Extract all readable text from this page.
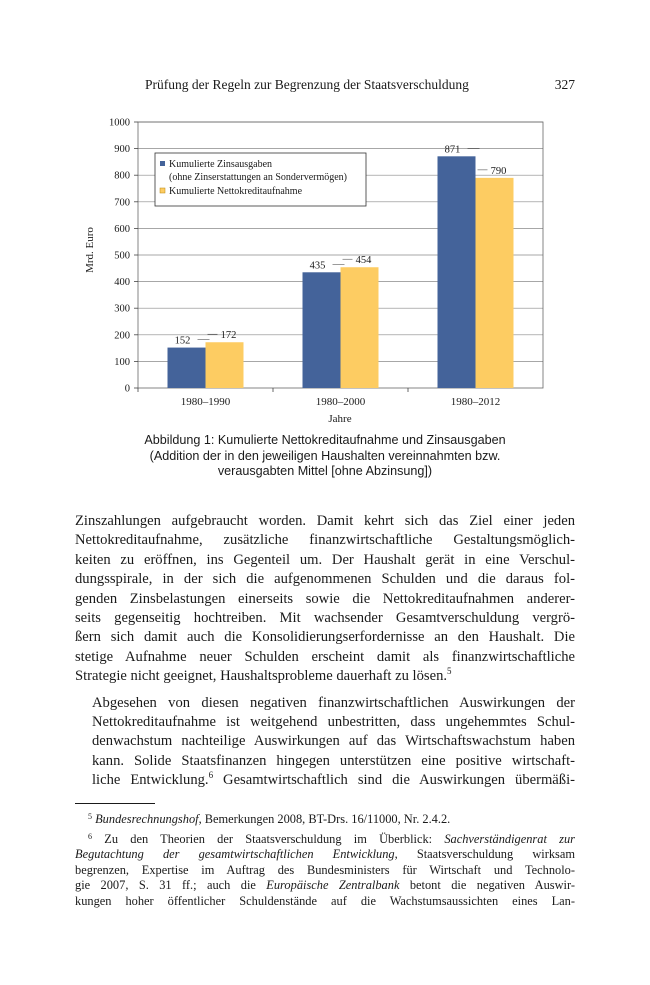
Prüfung der Regeln zur Begrenzung der Staatsverschuldung	327
0
100
200
300
400
500
600
700
800
900
1000
1980–1990	1980–2000	1980–2012
152	172
435	454
871
790
Mrd. Euro
Jahre
Kumulierte Zinsausgaben
(ohne Zinserstattungen an Sondervermögen)
Kumulierte Nettokreditaufnahme
Abbildung 1: Kumulierte Nettokreditaufnahme und Zinsausgaben
(Addition der in den jeweiligen Haushalten vereinnahmten bzw.
verausgabten Mittel [ohne Abzinsung])

Zinszahlungen aufgebraucht worden. Damit kehrt sich das Ziel einer jeden
Nettokreditaufnahme, zusätzliche finanzwirtschaftliche Gestaltungsmöglich-
keiten zu eröffnen, ins Gegenteil um. Der Haushalt gerät in eine Verschul-
dungsspirale, in der sich die aufgenommenen Schulden und die daraus fol-
genden Zinsbelastungen einerseits sowie die Nettokreditaufnahmen anderer-
seits gegenseitig hochtreiben. Mit wachsender Gesamtverschuldung vergrö-
ßern sich damit auch die Konsolidierungserfordernisse an den Haushalt. Die
stetige Aufnahme neuer Schulden erscheint damit als finanzwirtschaftliche
Strategie nicht geeignet, Haushaltsprobleme dauerhaft zu lösen.$^5$

Abgesehen von diesen negativen finanzwirtschaftlichen Auswirkungen der
Nettokreditaufnahme ist weitgehend unbestritten, dass ungehemmtes Schul-
denwachstum nachteilige Auswirkungen auf das Wirtschaftswachstum haben
kann. Solide Staatsfinanzen hingegen unterstützen eine positive wirtschaft-
liche Entwicklung.$^6$ Gesamtwirtschaftlich sind die Auswirkungen übermäßi-

$^5$ Bundesrechnungshof, Bemerkungen 2008, BT-Drs. 16/11000, Nr. 2.4.2.

$^6$ Zu den Theorien der Staatsverschuldung im Überblick: Sachverständigenrat zur
Begutachtung der gesamtwirtschaftlichen Entwicklung, Staatsverschuldung wirksam
begrenzen, Expertise im Auftrag des Bundesministers für Wirtschaft und Technolo-
gie 2007, S. 31 ff.; auch die Europäische Zentralbank betont die negativen Auswir-
kungen hoher öffentlicher Schuldenstände auf die Wachstumsaussichten eines Lan-
